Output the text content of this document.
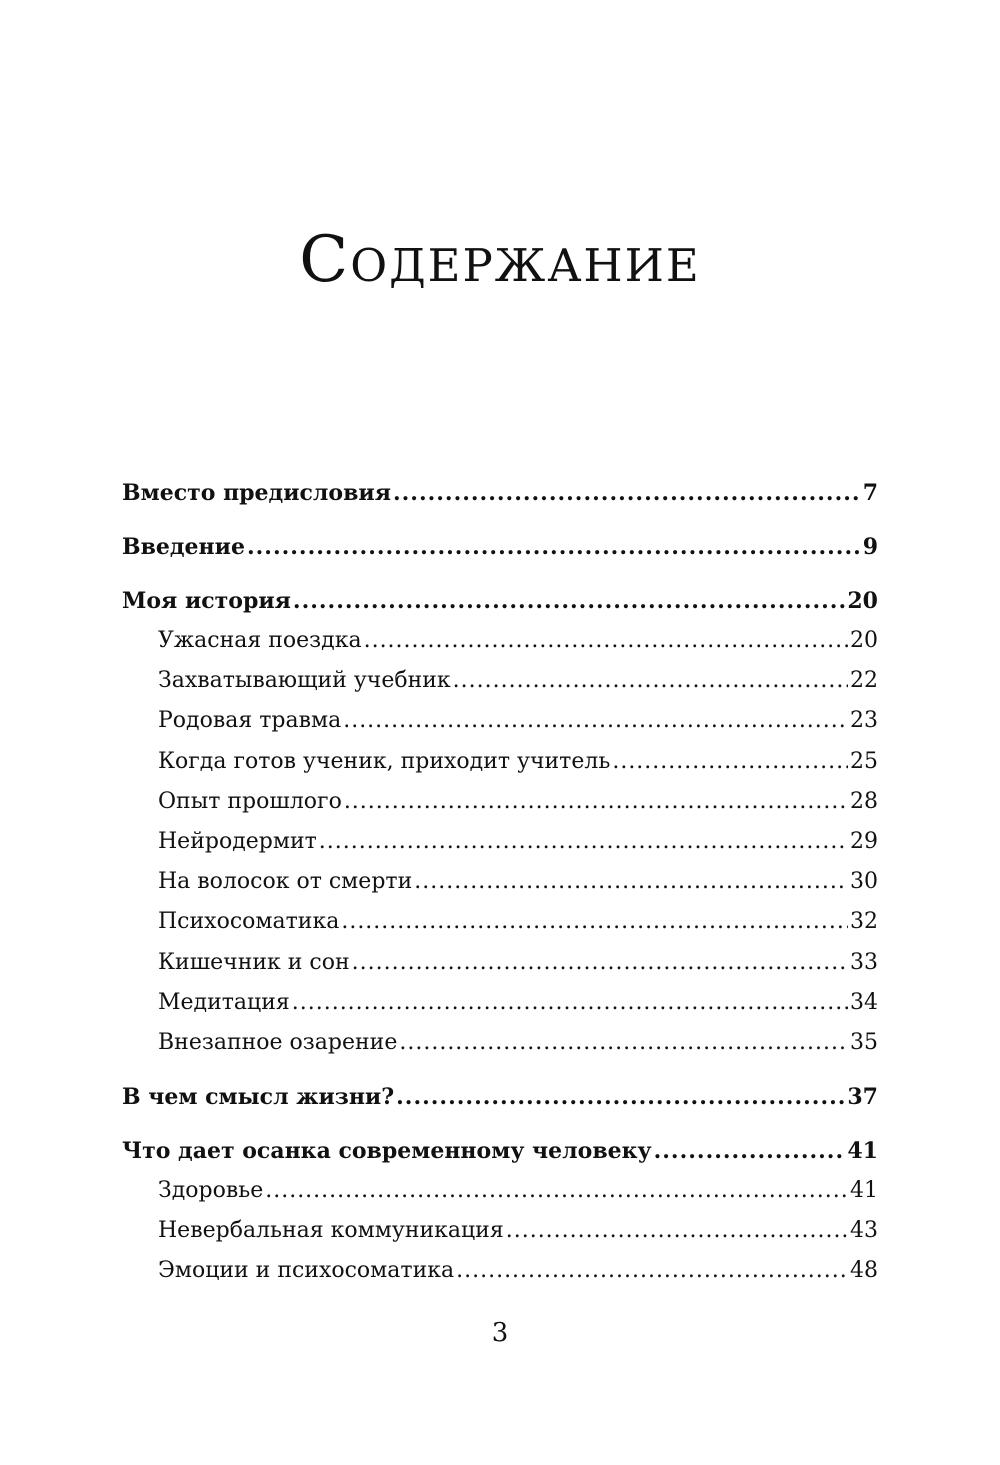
Содержание
Вместо предисловия .....	7
Введение .....	9
Моя история .....	20
Ужасная поездка .....	20
Захватывающий учебник .....	22
Родовая травма .....	23
Когда готов ученик, приходит учитель .....	25
Опыт прошлого .....	28
Нейродермит .....	29
На волосок от смерти .....	30
Психосоматика .....	32
Кишечник и сон .....	33
Медитация .....	34
Внезапное озарение .....	35
В чем смысл жизни? .....	37
Что дает осанка современному человеку .....	41
Здоровье .....	41
Невербальная коммуникация .....	43
Эмоции и психосоматика .....	48
3
